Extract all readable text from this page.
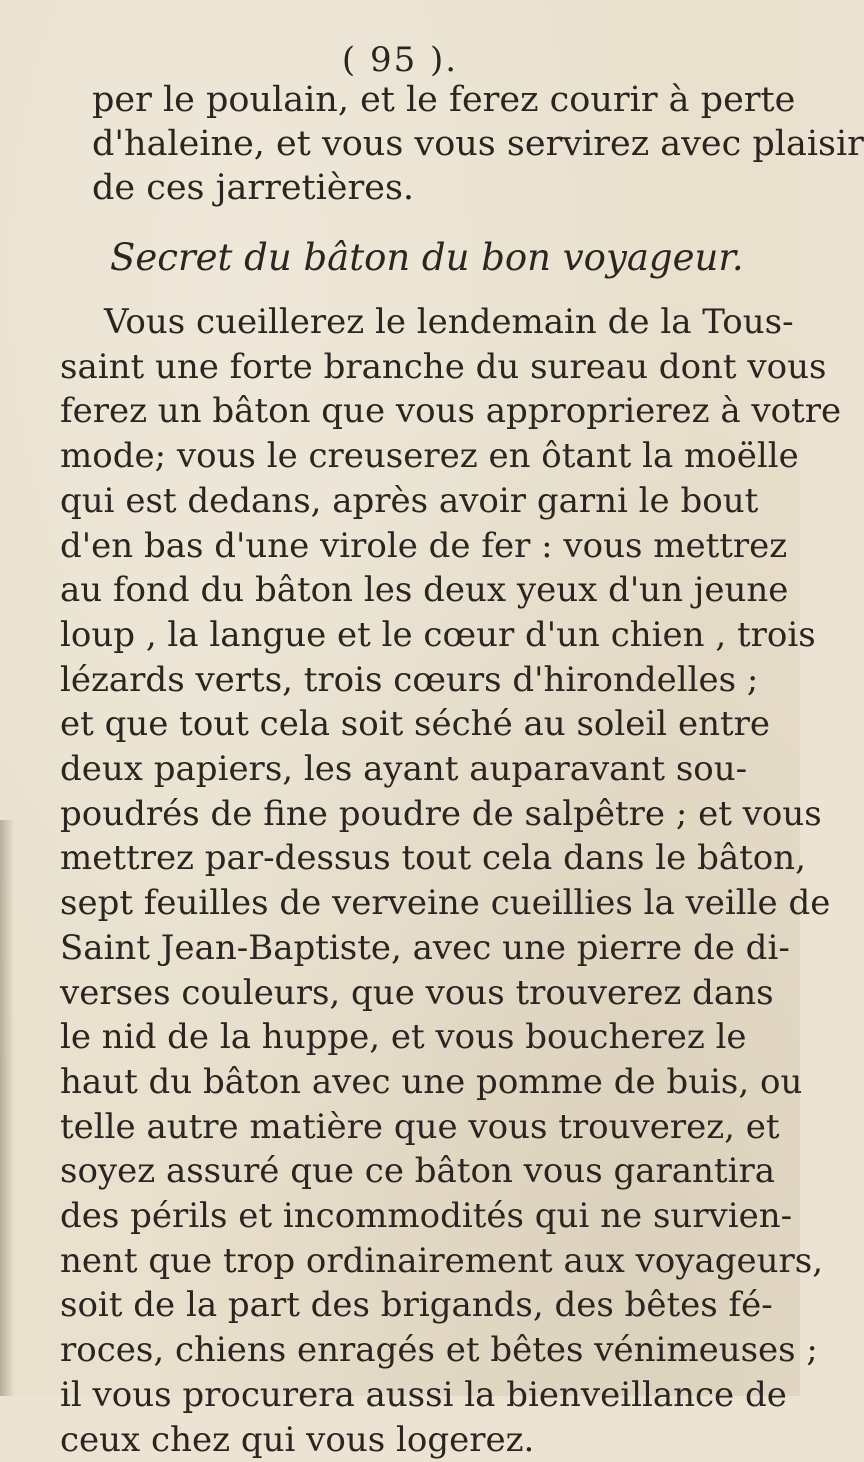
( 95 ).
per le poulain, et le ferez courir à perte
d'haleine, et vous vous servirez avec plaisir
de ces jarretières.
Secret du bâton du bon voyageur.
Vous cueillerez le lendemain de la Tous-
saint une forte branche du sureau dont vous
ferez un bâton que vous approprierez à votre
mode; vous le creuserez en ôtant la moëlle
qui est dedans, après avoir garni le bout
d'en bas d'une virole de fer : vous mettrez
au fond du bâton les deux yeux d'un jeune
loup , la langue et le cœur d'un chien , trois
lézards verts, trois cœurs d'hirondelles ;
et que tout cela soit séché au soleil entre
deux papiers, les ayant auparavant sou-
poudrés de fine poudre de salpêtre ; et vous
mettrez par-dessus tout cela dans le bâton,
sept feuilles de verveine cueillies la veille de
Saint Jean-Baptiste, avec une pierre de di-
verses couleurs, que vous trouverez dans
le nid de la huppe, et vous boucherez le
haut du bâton avec une pomme de buis, ou
telle autre matière que vous trouverez, et
soyez assuré que ce bâton vous garantira
des périls et incommodités qui ne survien-
nent que trop ordinairement aux voyageurs,
soit de la part des brigands, des bêtes fé-
roces, chiens enragés et bêtes vénimeuses ;
il vous procurera aussi la bienveillance de
ceux chez qui vous logerez.
